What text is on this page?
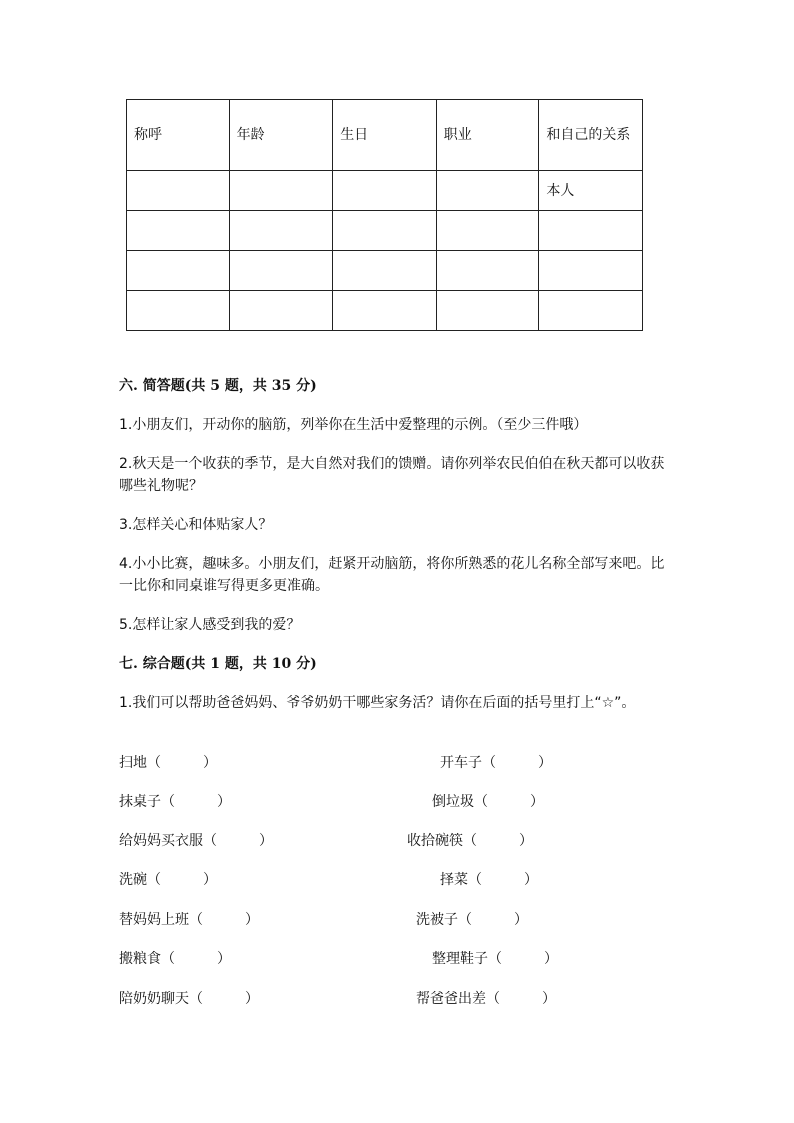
称呼	年龄	生日	职业	和自己的关系
				本人

六. 简答题(共 5 题，共 35 分)
1.小朋友们，开动你的脑筋，列举你在生活中爱整理的示例。（至少三件哦）
2.秋天是一个收获的季节，是大自然对我们的馈赠。请你列举农民伯伯在秋天都可以收获哪些礼物呢？
3.怎样关心和体贴家人？
4.小小比赛，趣味多。小朋友们，赶紧开动脑筋，将你所熟悉的花儿名称全部写来吧。比一比你和同桌谁写得更多更准确。
5.怎样让家人感受到我的爱？
七. 综合题(共 1 题，共 10 分)
1.我们可以帮助爸爸妈妈、爷爷奶奶干哪些家务活？请你在后面的括号里打上“☆”。
扫地（　　　）
抹桌子（　　　）
给妈妈买衣服（　　　）
洗碗（　　　）
替妈妈上班（　　　）
搬粮食（　　　）
陪奶奶聊天（　　　）
开车子（　　　）
倒垃圾（　　　）
收拾碗筷（　　　）
择菜（　　　）
洗被子（　　　）
整理鞋子（　　　）
帮爸爸出差（　　　）
